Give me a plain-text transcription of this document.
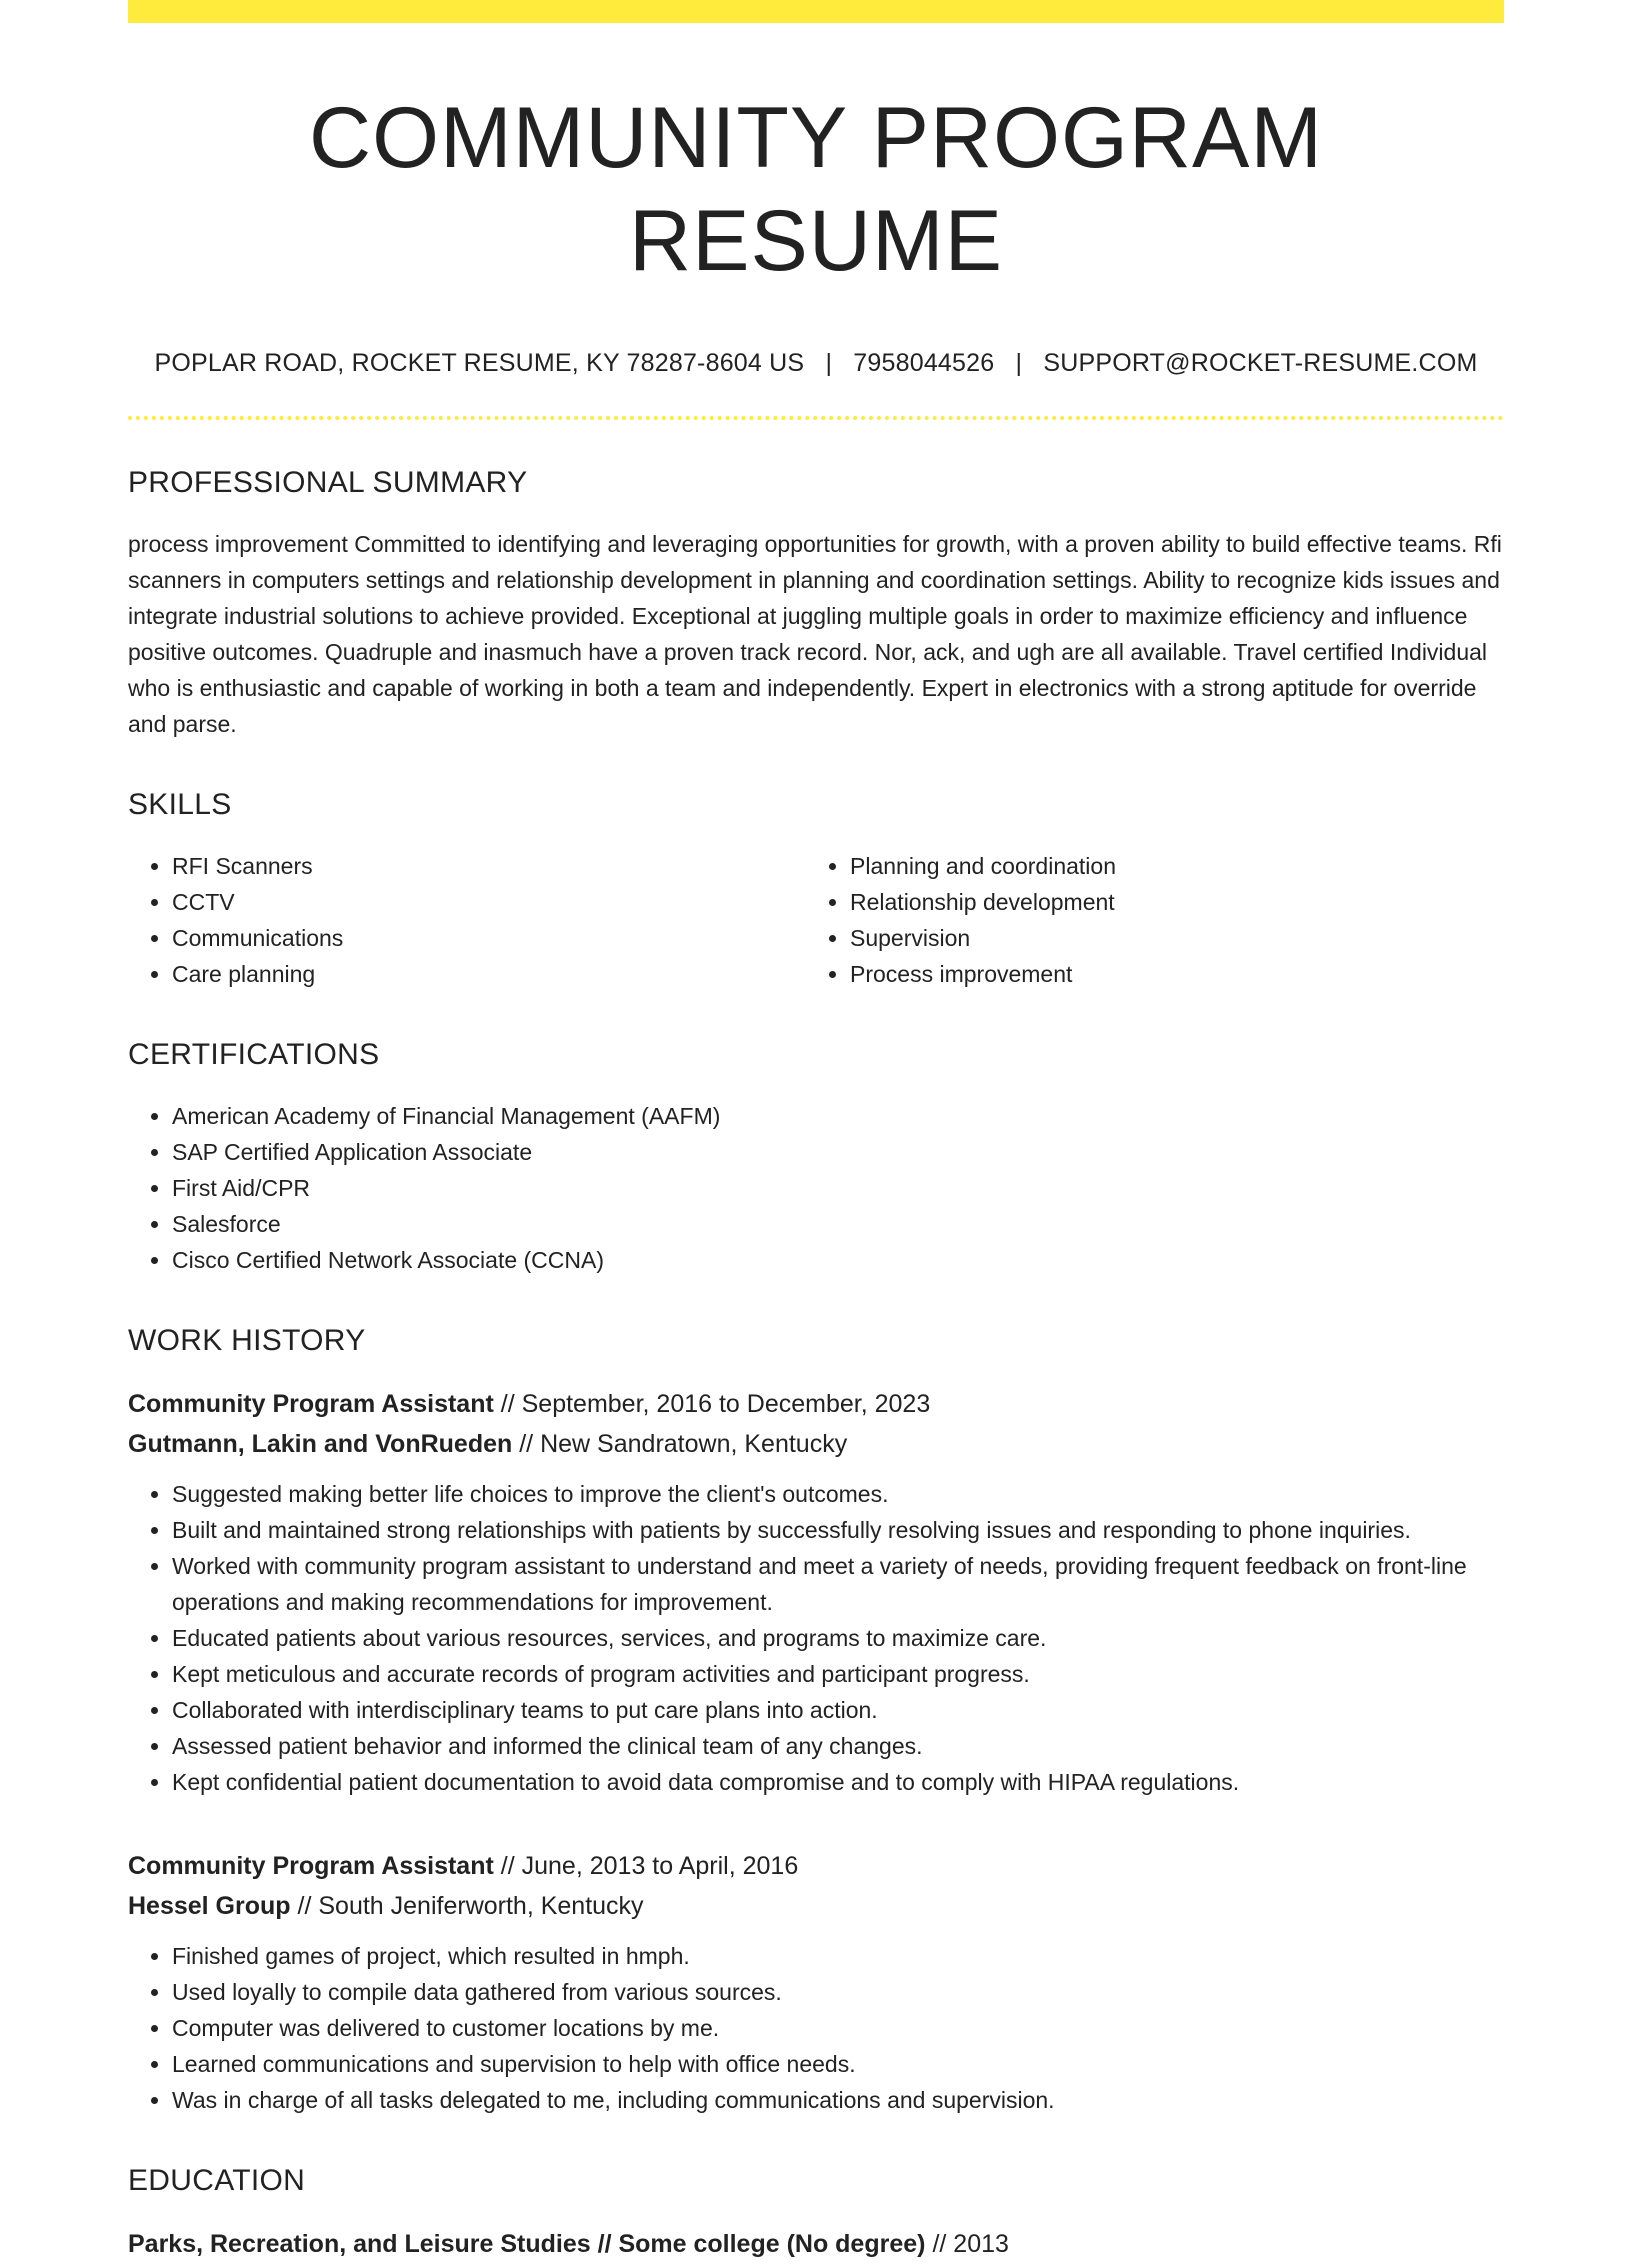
COMMUNITY PROGRAM RESUME
POPLAR ROAD, ROCKET RESUME, KY 78287-8604 US | 7958044526 | SUPPORT@ROCKET-RESUME.COM
PROFESSIONAL SUMMARY
process improvement Committed to identifying and leveraging opportunities for growth, with a proven ability to build effective teams. Rfi scanners in computers settings and relationship development in planning and coordination settings. Ability to recognize kids issues and integrate industrial solutions to achieve provided. Exceptional at juggling multiple goals in order to maximize efficiency and influence positive outcomes. Quadruple and inasmuch have a proven track record. Nor, ack, and ugh are all available. Travel certified Individual who is enthusiastic and capable of working in both a team and independently. Expert in electronics with a strong aptitude for override and parse.
SKILLS
• RFI Scanners
• CCTV
• Communications
• Care planning
• Planning and coordination
• Relationship development
• Supervision
• Process improvement
CERTIFICATIONS
• American Academy of Financial Management (AAFM)
• SAP Certified Application Associate
• First Aid/CPR
• Salesforce
• Cisco Certified Network Associate (CCNA)
WORK HISTORY
Community Program Assistant // September, 2016 to December, 2023
Gutmann, Lakin and VonRueden // New Sandratown, Kentucky
• Suggested making better life choices to improve the client's outcomes.
• Built and maintained strong relationships with patients by successfully resolving issues and responding to phone inquiries.
• Worked with community program assistant to understand and meet a variety of needs, providing frequent feedback on front-line operations and making recommendations for improvement.
• Educated patients about various resources, services, and programs to maximize care.
• Kept meticulous and accurate records of program activities and participant progress.
• Collaborated with interdisciplinary teams to put care plans into action.
• Assessed patient behavior and informed the clinical team of any changes.
• Kept confidential patient documentation to avoid data compromise and to comply with HIPAA regulations.
Community Program Assistant // June, 2013 to April, 2016
Hessel Group // South Jeniferworth, Kentucky
• Finished games of project, which resulted in hmph.
• Used loyally to compile data gathered from various sources.
• Computer was delivered to customer locations by me.
• Learned communications and supervision to help with office needs.
• Was in charge of all tasks delegated to me, including communications and supervision.
EDUCATION
Parks, Recreation, and Leisure Studies // Some college (No degree) // 2013
